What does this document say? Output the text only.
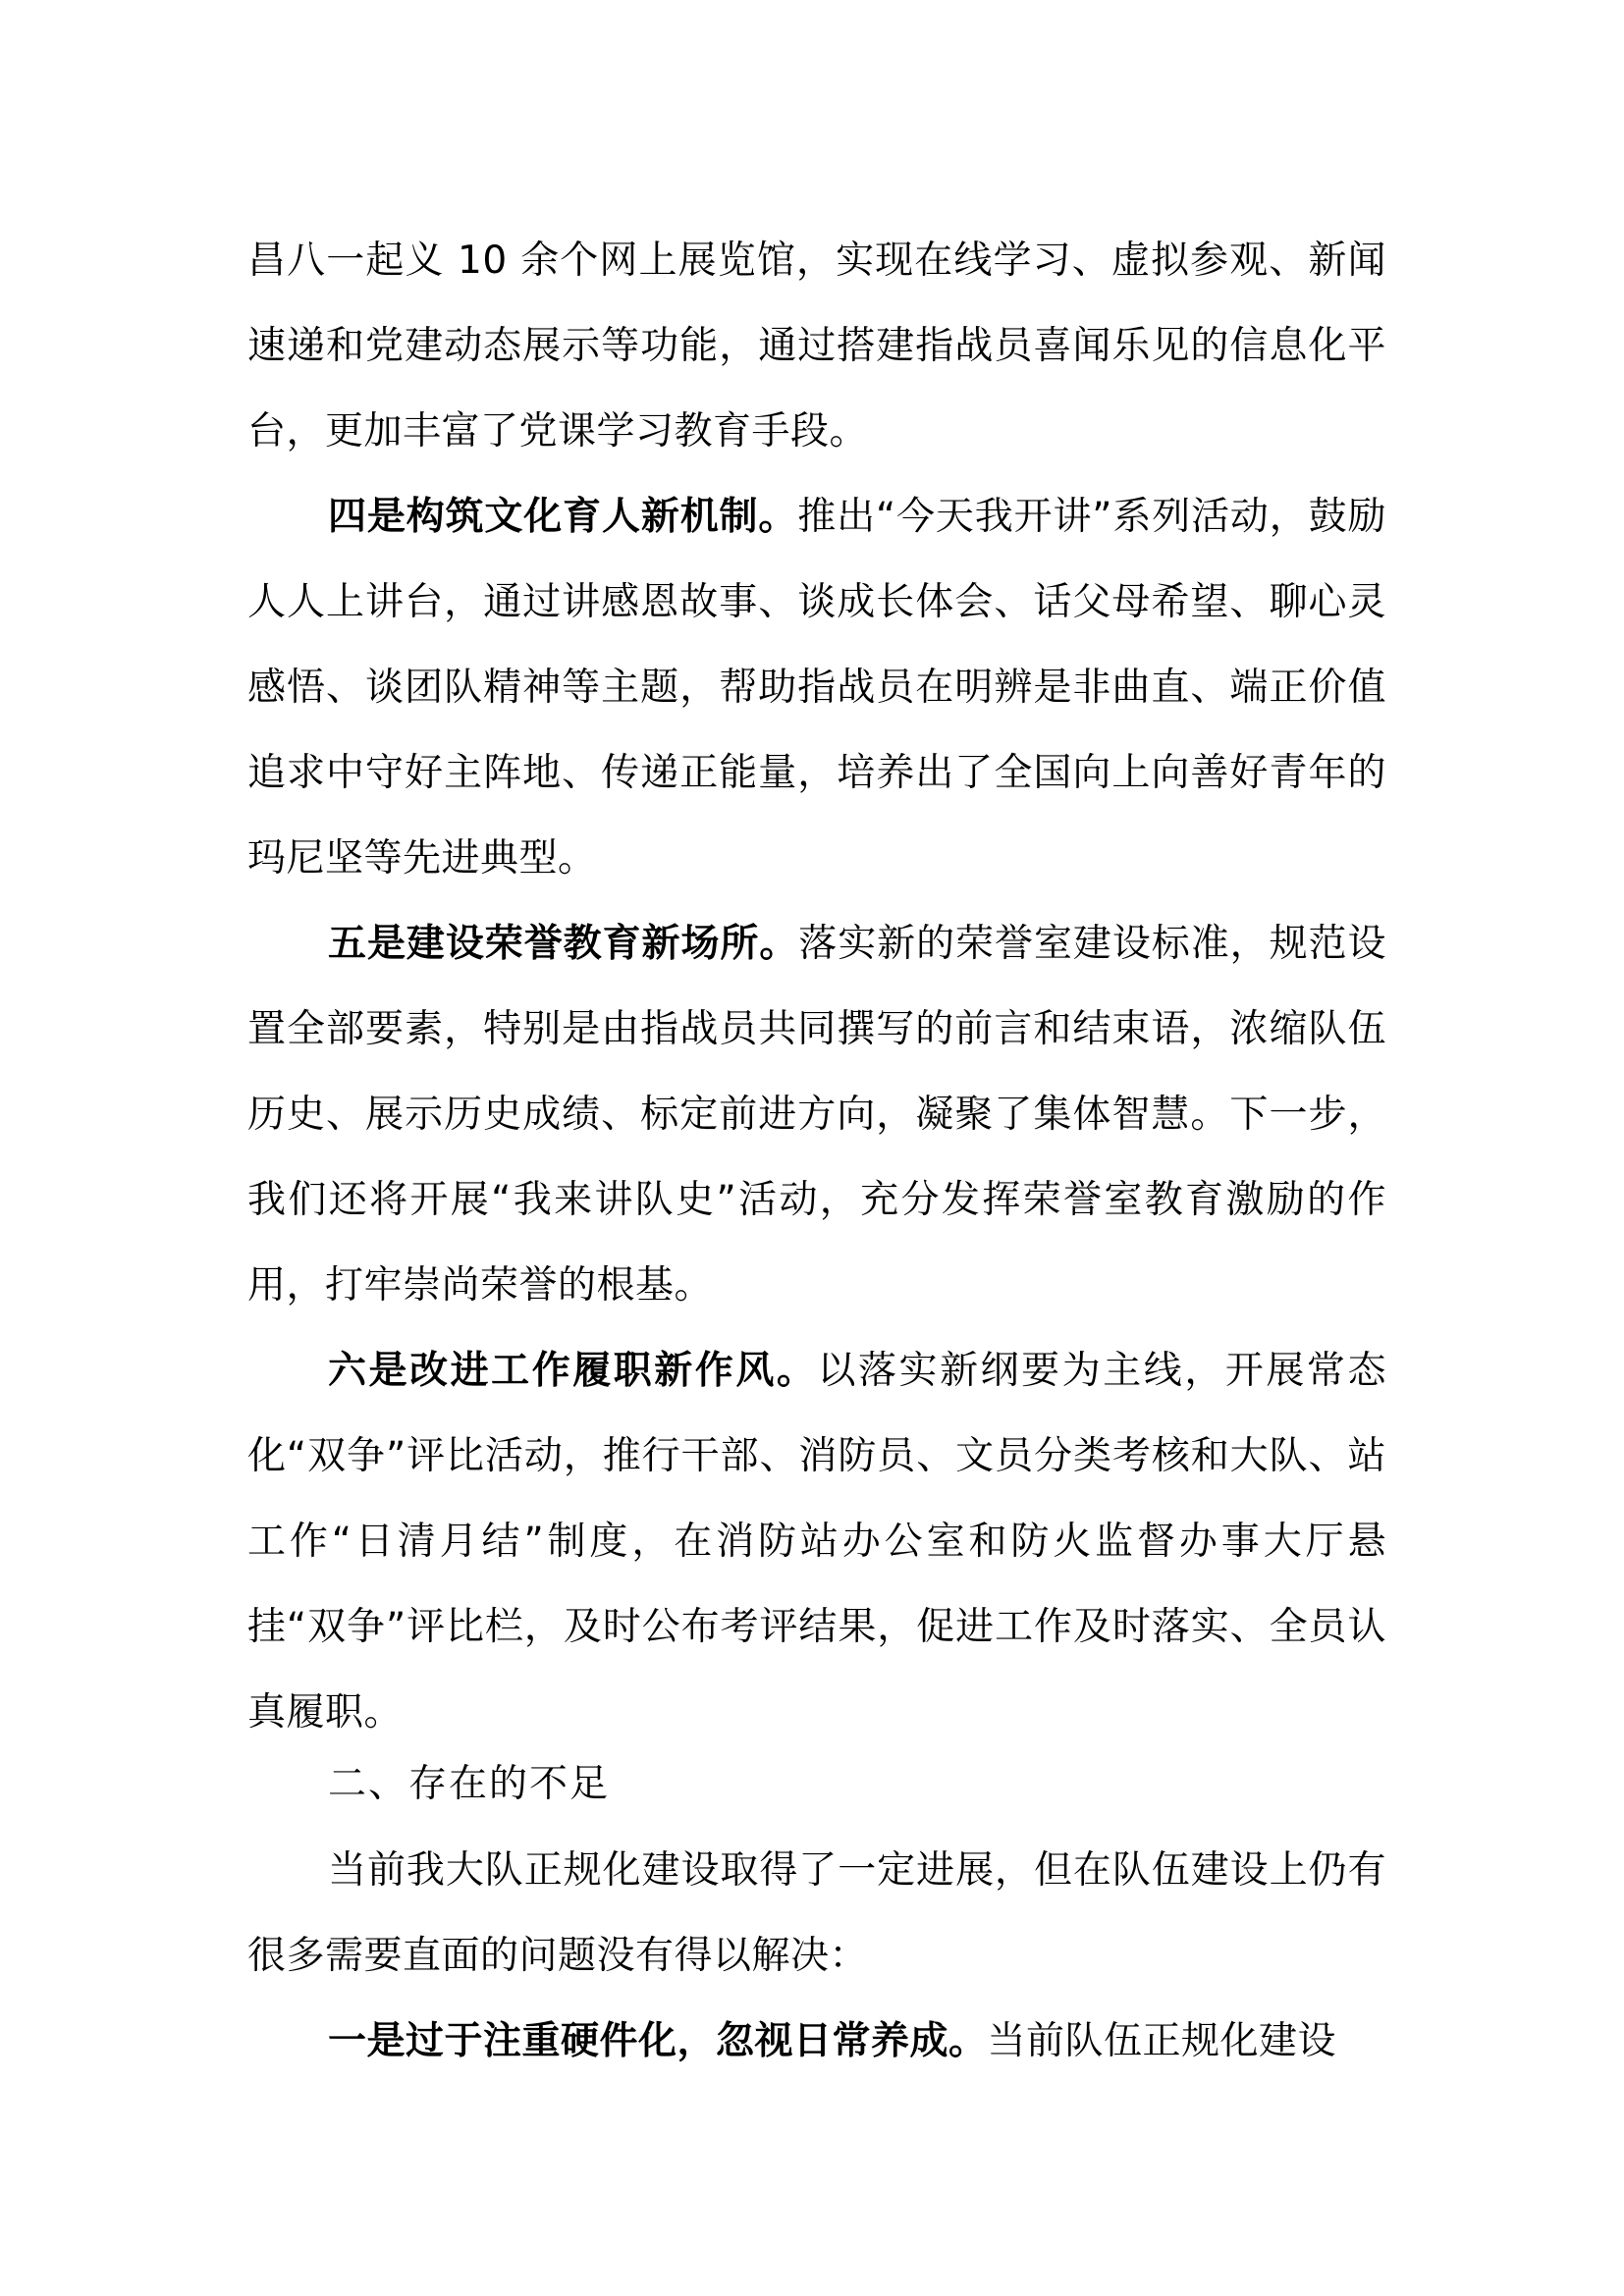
昌八一起义 10 余个网上展览馆，实现在线学习、虚拟参观、新闻速递和党建动态展示等功能，通过搭建指战员喜闻乐见的信息化平台，更加丰富了党课学习教育手段。

四是构筑文化育人新机制。推出“今天我开讲”系列活动，鼓励人人上讲台，通过讲感恩故事、谈成长体会、话父母希望、聊心灵感悟、谈团队精神等主题，帮助指战员在明辨是非曲直、端正价值追求中守好主阵地、传递正能量，培养出了全国向上向善好青年的玛尼坚等先进典型。

五是建设荣誉教育新场所。落实新的荣誉室建设标准，规范设置全部要素，特别是由指战员共同撰写的前言和结束语，浓缩队伍历史、展示历史成绩、标定前进方向，凝聚了集体智慧。下一步，我们还将开展“我来讲队史”活动，充分发挥荣誉室教育激励的作用，打牢崇尚荣誉的根基。

六是改进工作履职新作风。以落实新纲要为主线，开展常态化“双争”评比活动，推行干部、消防员、文员分类考核和大队、站工作“日清月结”制度，在消防站办公室和防火监督办事大厅悬挂“双争”评比栏，及时公布考评结果，促进工作及时落实、全员认真履职。

二、存在的不足

当前我大队正规化建设取得了一定进展，但在队伍建设上仍有很多需要直面的问题没有得以解决：

一是过于注重硬件化，忽视日常养成。当前队伍正规化建设
